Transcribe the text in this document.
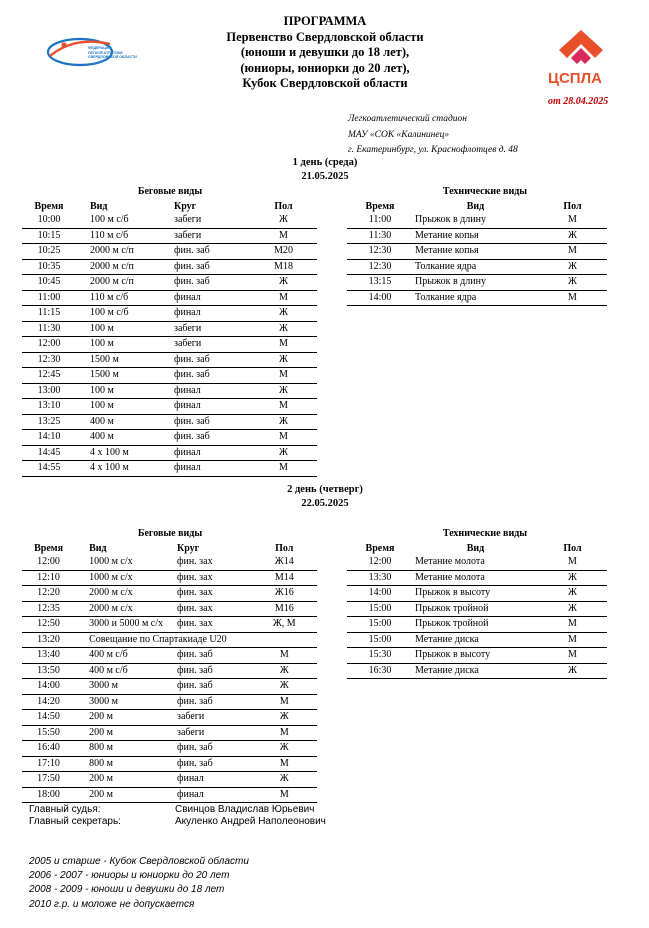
ФЕДЕРАЦИЯ
ЛЕГКОЙ АТЛЕТИКИ
СВЕРДЛОВСКОЙ ОБЛАСТИ
ЦСПЛА
ПРОГРАММА
Первенство Свердловской области
(юноши и девушки до 18 лет),
(юниоры, юниорки до 20 лет),
Кубок Свердловской области
от 28.04.2025
Легкоатлетический стадион
МАУ «СОК «Калининец»
г. Екатеринбург, ул. Краснофлотцев д. 48
1 день (среда)
21.05.2025
Беговые виды	Технические виды
Время	Вид	Круг	Пол
10:00	100 м с/б	забеги	Ж
10:15	110 м с/б	забеги	М
10:25	2000 м с/п	фин. заб	М20
10:35	2000 м с/п	фин. заб	М18
10:45	2000 м с/п	фин. заб	Ж
11:00	110 м с/б	финал	М
11:15	100 м с/б	финал	Ж
11:30	100 м	забеги	Ж
12:00	100 м	забеги	М
12:30	1500 м	фин. заб	Ж
12:45	1500 м	фин. заб	М
13:00	100 м	финал	Ж
13:10	100 м	финал	М
13:25	400 м	фин. заб	Ж
14:10	400 м	фин. заб	М
14:45	4 х 100 м	финал	Ж
14:55	4 х 100 м	финал	М
Время	Вид	Пол
11:00	Прыжок в длину	М
11:30	Метание копья	Ж
12:30	Метание копья	М
12:30	Толкание ядра	Ж
13:15	Прыжок в длину	Ж
14:00	Толкание ядра	М
2 день (четверг)
22.05.2025
Беговые виды	Технические виды
Время	Вид	Круг	Пол
12:00	1000 м с/х	фин. зах	Ж14
12:10	1000 м с/х	фин. зах	М14
12:20	2000 м с/х	фин. зах	Ж16
12:35	2000 м с/х	фин. зах	М16
12:50	3000 и 5000 м с/х	фин. зах	Ж, М
13:20	Совещание по Спартакиаде U20		
13:40	400 м с/б	фин. заб	М
13:50	400 м с/б	фин. заб	Ж
14:00	3000 м	фин. заб	Ж
14:20	3000 м	фин. заб	М
14:50	200 м	забеги	Ж
15:50	200 м	забеги	М
16:40	800 м	фин. заб	Ж
17:10	800 м	фин. заб	М
17:50	200 м	финал	Ж
18:00	200 м	финал	М
Время	Вид	Пол
12:00	Метание молота	М
13:30	Метание молота	Ж
14:00	Прыжок в высоту	Ж
15:00	Прыжок тройной	Ж
15:00	Прыжок тройной	М
15:00	Метание диска	М
15:30	Прыжок в высоту	М
16:30	Метание диска	Ж
Главный судья:	Свинцов Владислав Юрьевич
Главный секретарь:	Акуленко Андрей Наполеонович
2005 и старше - Кубок Свердловской области
2006 - 2007 - юниоры и юниорки до 20 лет
2008 - 2009 - юноши и девушки до 18 лет
2010 г.р. и моложе не допускается
